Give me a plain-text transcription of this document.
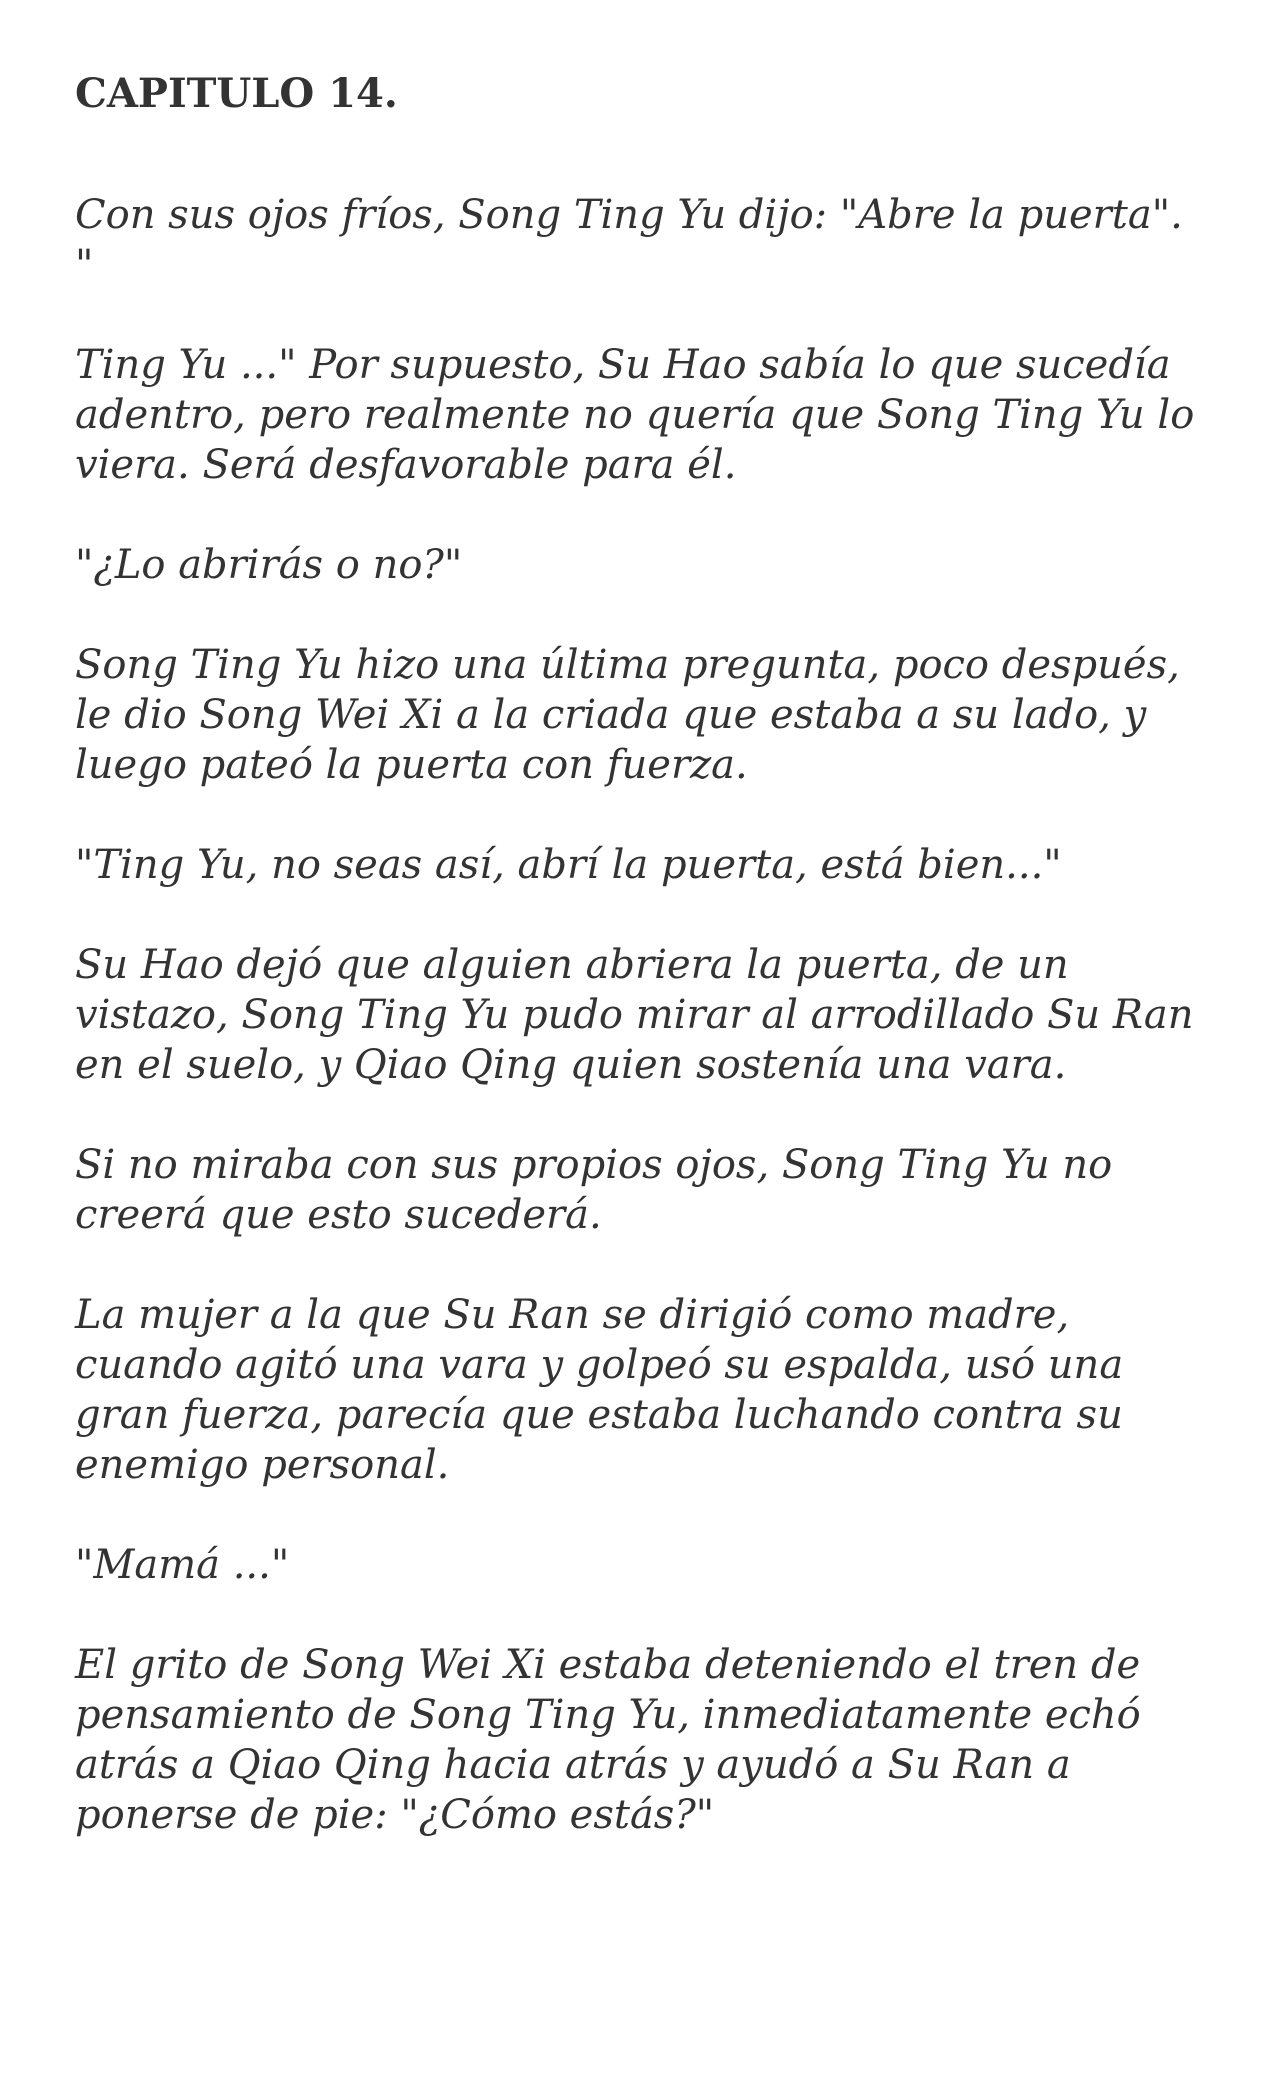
CAPITULO 14.

Con sus ojos fríos, Song Ting Yu dijo: "Abre la puerta". "

Ting Yu ..." Por supuesto, Su Hao sabía lo que sucedía adentro, pero realmente no quería que Song Ting Yu lo viera. Será desfavorable para él.

"¿Lo abrirás o no?"

Song Ting Yu hizo una última pregunta, poco después, le dio Song Wei Xi a la criada que estaba a su lado, y luego pateó la puerta con fuerza.

"Ting Yu, no seas así, abrí la puerta, está bien..."

Su Hao dejó que alguien abriera la puerta, de un vistazo, Song Ting Yu pudo mirar al arrodillado Su Ran en el suelo, y Qiao Qing quien sostenía una vara.

Si no miraba con sus propios ojos, Song Ting Yu no creerá que esto sucederá.

La mujer a la que Su Ran se dirigió como madre, cuando agitó una vara y golpeó su espalda, usó una gran fuerza, parecía que estaba luchando contra su enemigo personal.

"Mamá ..."

El grito de Song Wei Xi estaba deteniendo el tren de pensamiento de Song Ting Yu, inmediatamente echó atrás a Qiao Qing hacia atrás y ayudó a Su Ran a ponerse de pie: "¿Cómo estás?"
